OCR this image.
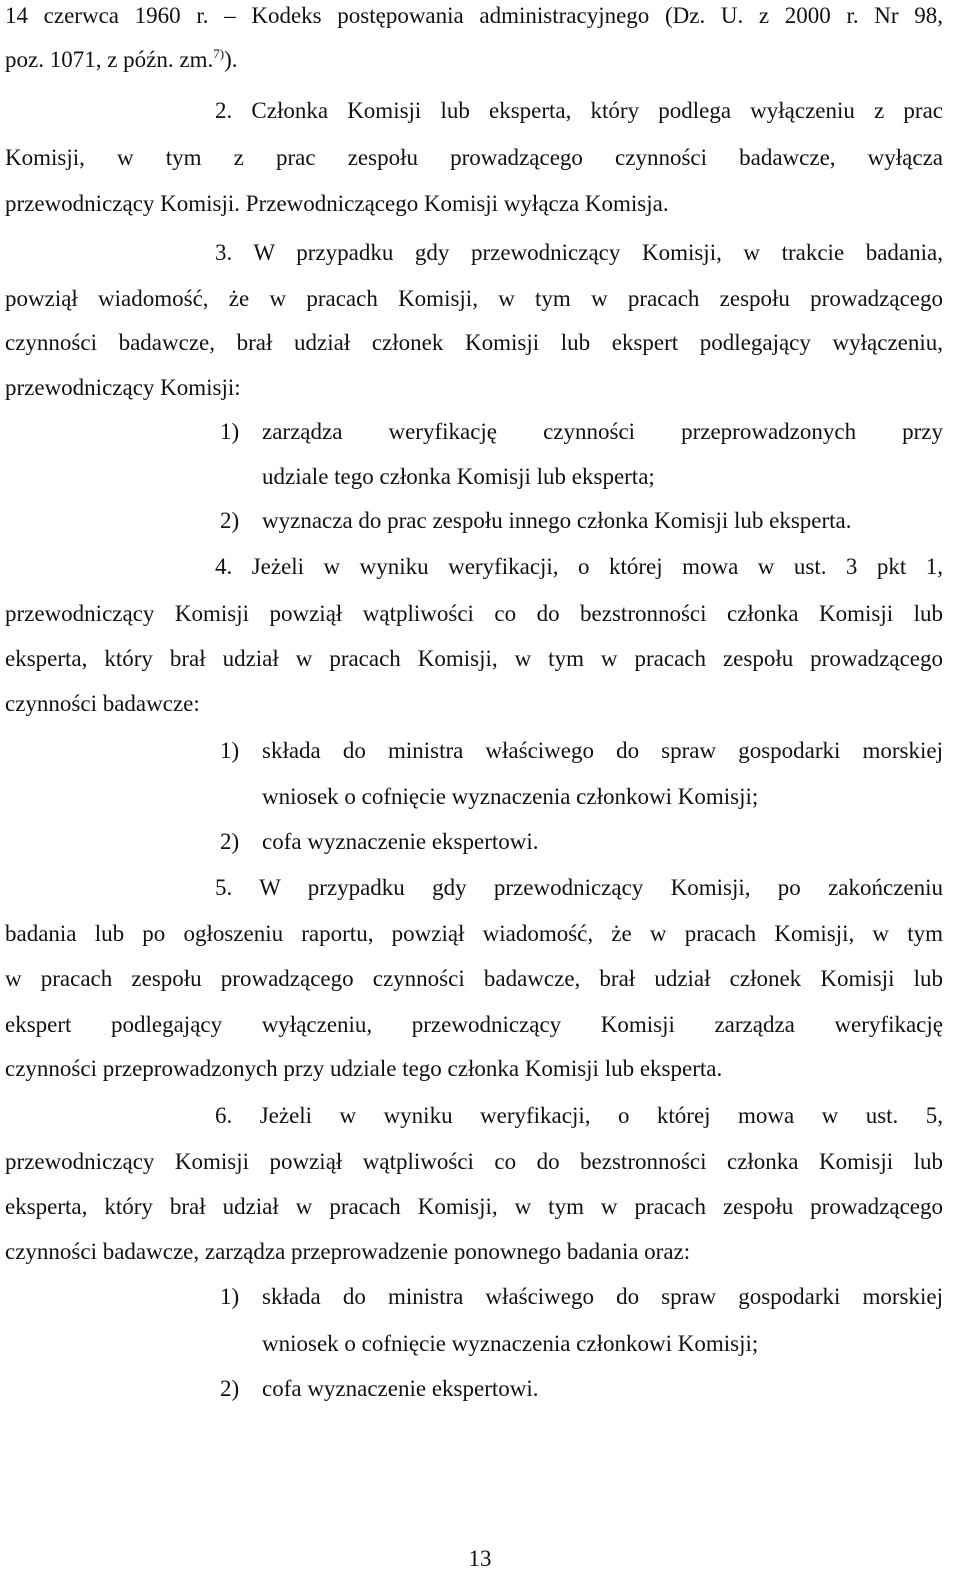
14 czerwca 1960 r. – Kodeks postępowania administracyjnego (Dz. U. z 2000 r. Nr 98,
poz. 1071, z późn. zm.$^{7)}$).
2. Członka Komisji lub eksperta, który podlega wyłączeniu z prac
Komisji, w tym z prac zespołu prowadzącego czynności badawcze, wyłącza
przewodniczący Komisji. Przewodniczącego Komisji wyłącza Komisja.
3. W przypadku gdy przewodniczący Komisji, w trakcie badania,
powziął wiadomość, że w pracach Komisji, w tym w pracach zespołu prowadzącego
czynności badawcze, brał udział członek Komisji lub ekspert podlegający wyłączeniu,
przewodniczący Komisji:
1) zarządza weryfikację czynności przeprowadzonych przy
udziale tego członka Komisji lub eksperta;
2) wyznacza do prac zespołu innego członka Komisji lub eksperta.
4. Jeżeli w wyniku weryfikacji, o której mowa w ust. 3 pkt 1,
przewodniczący Komisji powziął wątpliwości co do bezstronności członka Komisji lub
eksperta, który brał udział w pracach Komisji, w tym w pracach zespołu prowadzącego
czynności badawcze:
1) składa do ministra właściwego do spraw gospodarki morskiej
wniosek o cofnięcie wyznaczenia członkowi Komisji;
2) cofa wyznaczenie ekspertowi.
5. W przypadku gdy przewodniczący Komisji, po zakończeniu
badania lub po ogłoszeniu raportu, powziął wiadomość, że w pracach Komisji, w tym
w pracach zespołu prowadzącego czynności badawcze, brał udział członek Komisji lub
ekspert podlegający wyłączeniu, przewodniczący Komisji zarządza weryfikację
czynności przeprowadzonych przy udziale tego członka Komisji lub eksperta.
6. Jeżeli w wyniku weryfikacji, o której mowa w ust. 5,
przewodniczący Komisji powziął wątpliwości co do bezstronności członka Komisji lub
eksperta, który brał udział w pracach Komisji, w tym w pracach zespołu prowadzącego
czynności badawcze, zarządza przeprowadzenie ponownego badania oraz:
1) składa do ministra właściwego do spraw gospodarki morskiej
wniosek o cofnięcie wyznaczenia członkowi Komisji;
2) cofa wyznaczenie ekspertowi.
13
